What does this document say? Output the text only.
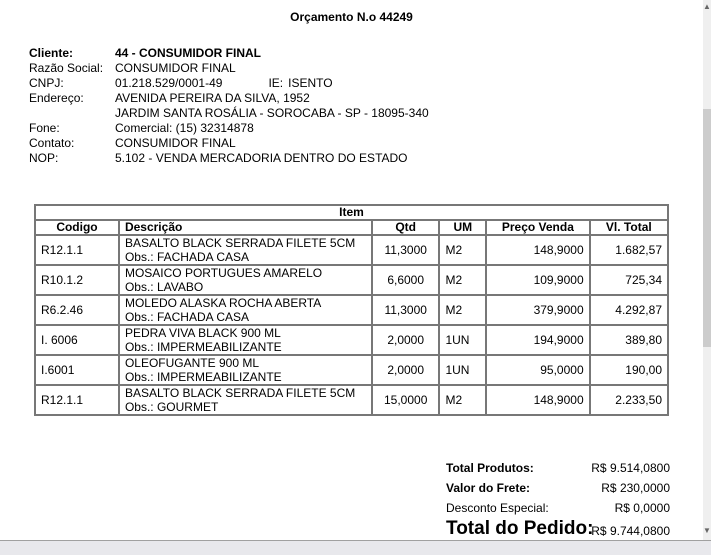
Orçamento N.o 44249
Cliente:	44 - CONSUMIDOR FINAL
Razão Social: CONSUMIDOR FINAL
CNPJ:	01.218.529/0001-49	IE: ISENTO
Endereço:	AVENIDA PEREIRA DA SILVA, 1952
JARDIM SANTA ROSÁLIA - SOROCABA - SP - 18095-340
Fone:	Comercial: (15) 32314878
Contato:	CONSUMIDOR FINAL
NOP:	5.102 - VENDA MERCADORIA DENTRO DO ESTADO
Item					
Codigo	Descrição	Qtd	UM	Preço Venda	Vl. Total
R12.1.1	BASALTO BLACK SERRADA FILETE 5CM
Obs.: FACHADA CASA	11,3000	M2	148,9000	1.682,57
R10.1.2	MOSAICO PORTUGUES AMARELO
Obs.: LAVABO	6,6000	M2	109,9000	725,34
R6.2.46	MOLEDO ALASKA ROCHA ABERTA
Obs.: FACHADA CASA	11,3000	M2	379,9000	4.292,87
I. 6006	PEDRA VIVA BLACK 900 ML
Obs.: IMPERMEABILIZANTE	2,0000	1UN	194,9000	389,80
I.6001	OLEOFUGANTE 900 ML
Obs.: IMPERMEABILIZANTE	2,0000	1UN	95,0000	190,00
R12.1.1	BASALTO BLACK SERRADA FILETE 5CM
Obs.: GOURMET	15,0000	M2	148,9000	2.233,50
Total Produtos:	R$ 9.514,0800
Valor do Frete:	R$ 230,0000
Desconto Especial:	R$ 0,0000
Total do Pedido:
R$ 9.744,0800
▲
▼
